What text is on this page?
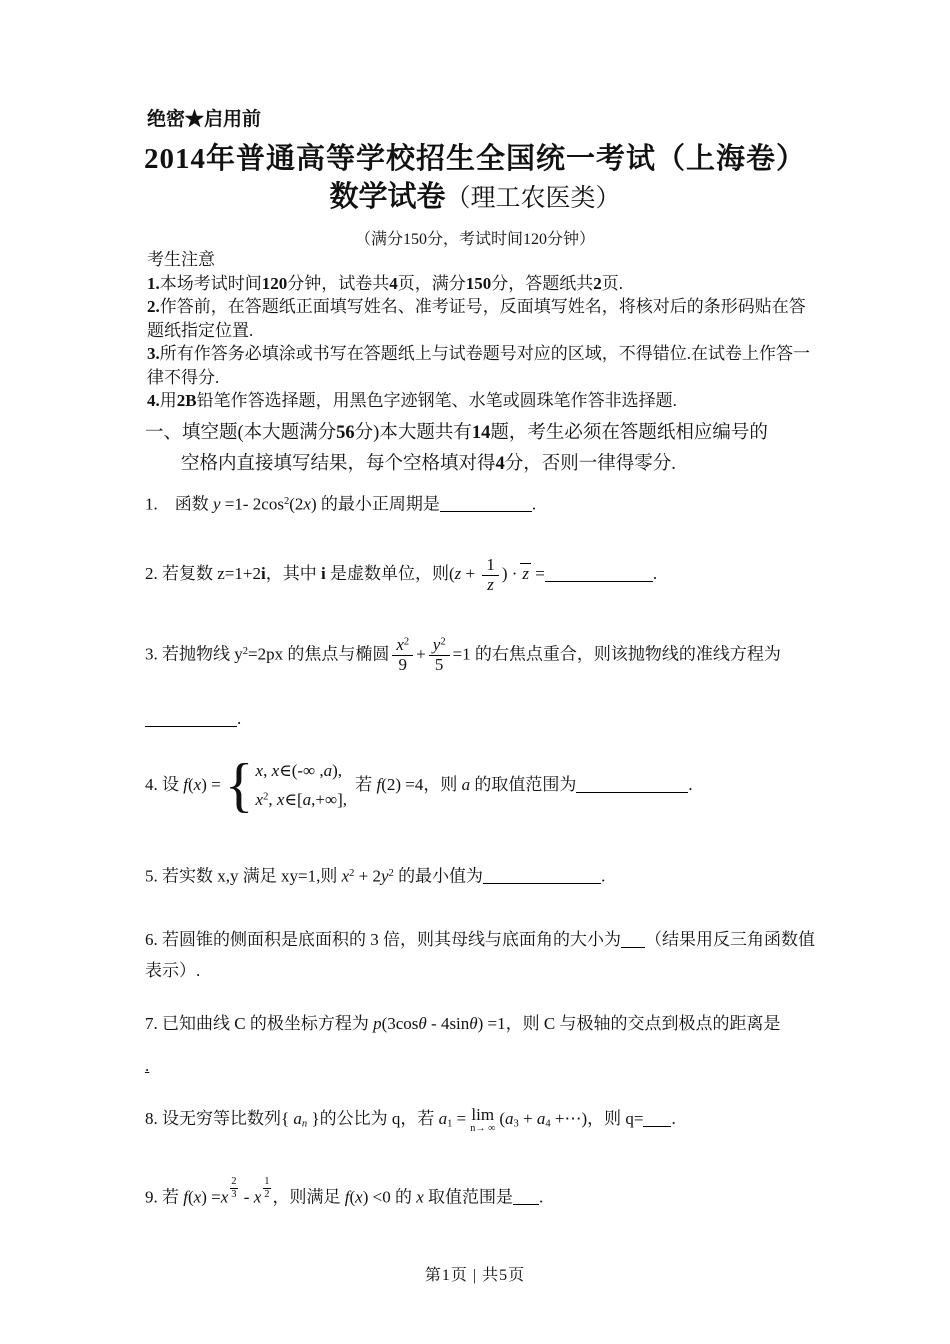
绝密★启用前
2014年普通高等学校招生全国统一考试（上海卷）
数学试卷（理工农医类）
（满分150分，考试时间120分钟）
考生注意
1.本场考试时间120分钟，试卷共4页，满分150分，答题纸共2页.
2.作答前，在答题纸正面填写姓名、准考证号，反面填写姓名，将核对后的条形码贴在答
题纸指定位置.
3.所有作答务必填涂或书写在答题纸上与试卷题号对应的区域，不得错位.在试卷上作答一
律不得分.
4.用2B铅笔作答选择题，用黑色字迹钢笔、水笔或圆珠笔作答非选择题.
一、填空题(本大题满分56分)本大题共有14题，考生必须在答题纸相应编号的
空格内直接填写结果，每个空格填对得4分，否则一律得零分.
1.　函数 y =1- $2\cos^2(2x)$ 的最小正周期是	.
2. 若复数 z=1+2i，其中 i 是虚数单位，则($z + \frac{1}{z}$ ) · z =	.
3. 若抛物线 $y^2=2px$ 的焦点与椭圆 $\frac{x^2}{9} + \frac{y^2}{5} =1$ 的右焦点重合，则该抛物线的准线方程为
.
4. 设 f(x) = { x, x∈(-∞ ,a),
$x^2$, x∈[a,+∞],
若 f(2) =4，则 a 的取值范围为	.
5. 若实数 x,y 满足 xy=1,则 $x^2 + 2y^2$ 的最小值为	.
6. 若圆锥的侧面积是底面积的 3 倍，则其母线与底面角的大小为 （结果用反三角函数值
表示）.
7. 已知曲线 C 的极坐标方程为 p(3cosθ - 4sinθ) =1，则 C 与极轴的交点到极点的距离是
.
8. 设无穷等比数列{ $a_n$ }的公比为 q，若 $a_1 = \lim$
n→ ∞
($a_3 + a_4$ +⋯)，则 q= .
9. 若 $f(x) =x \frac{2}{3} - x \frac{1}{2}$ ，则满足 f(x) <0 的 x 取值范围是 .
第1页 | 共5页
